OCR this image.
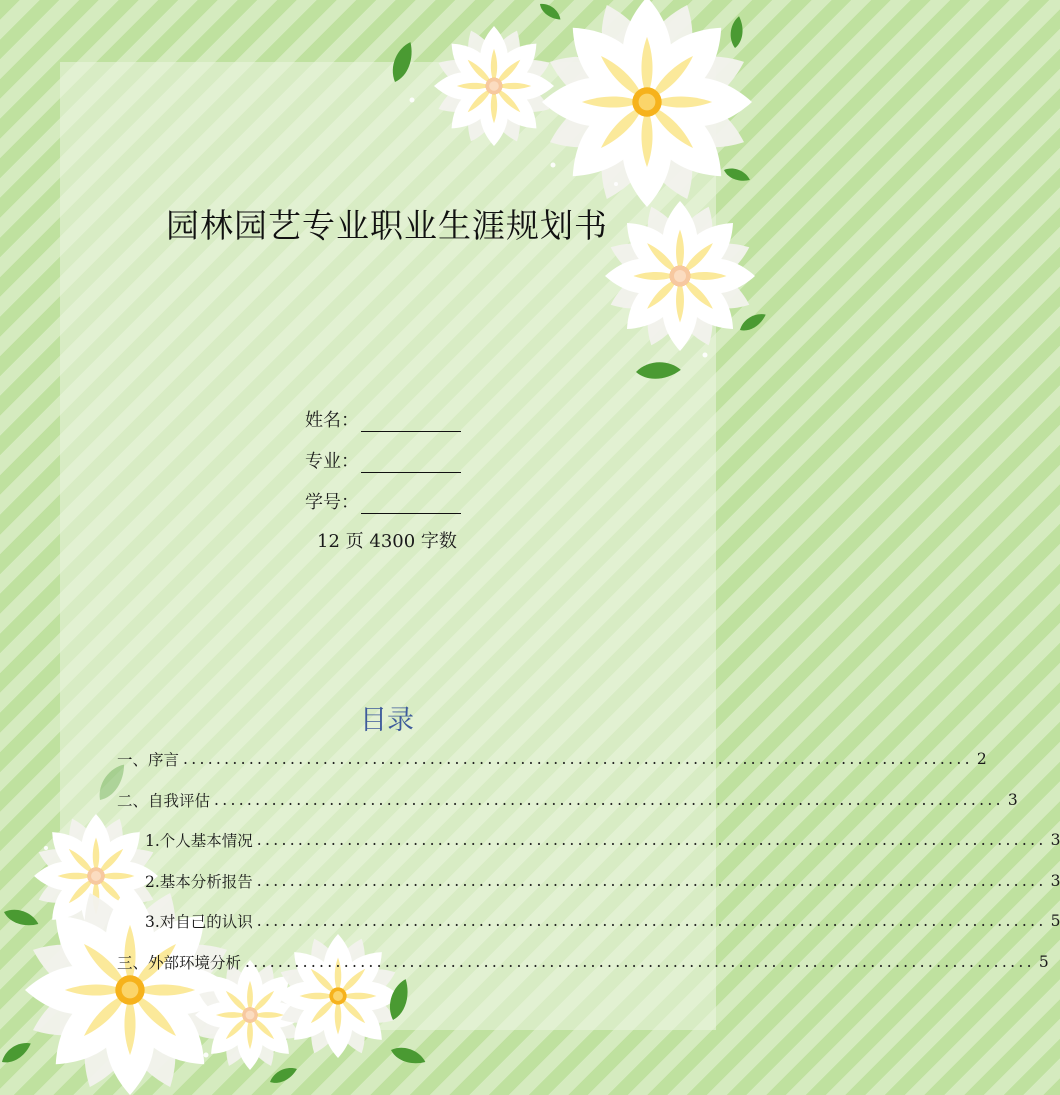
园林园艺专业职业生涯规划书
姓名：
专业：
学号：
12 页 4300 字数
目录
一、序言 ................................................................................................ 2
二、自我评估 ................................................................................................ 3
1.个人基本情况 ................................................................................................ 3
2.基本分析报告 ................................................................................................ 3
3.对自己的认识 ................................................................................................ 5
三、外部环境分析 ................................................................................................ 5
